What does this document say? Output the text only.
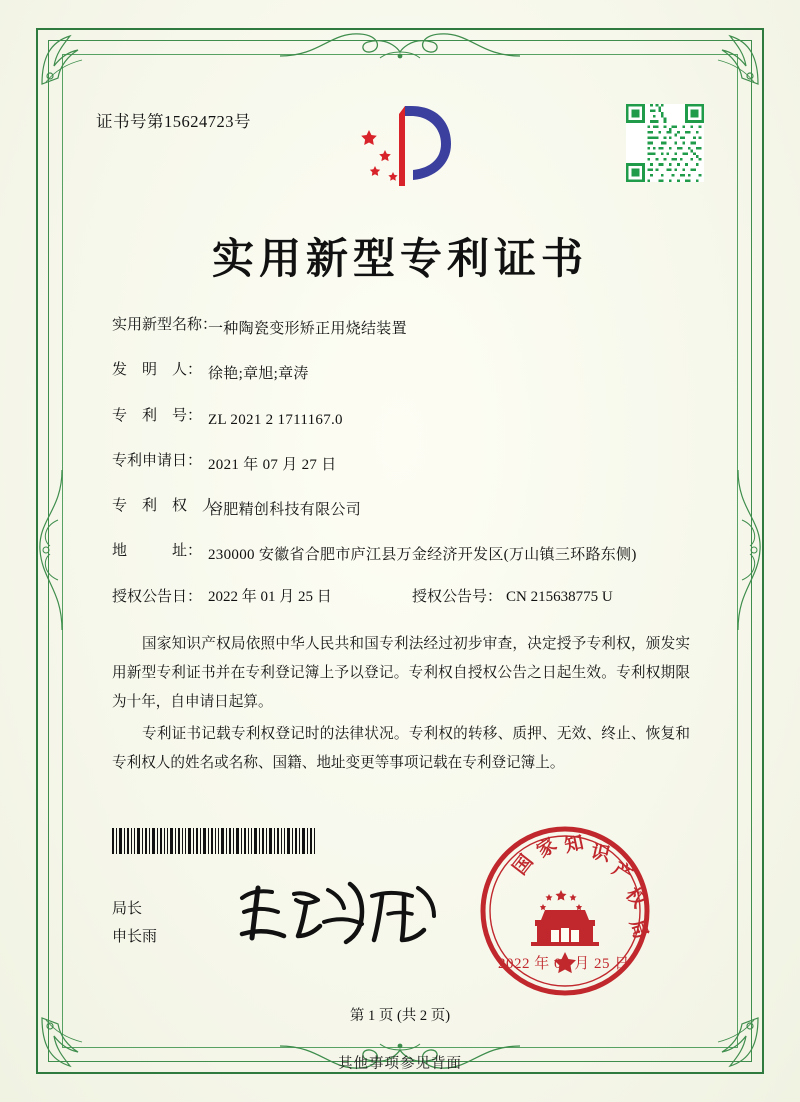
证书号第15624723号
实用新型专利证书
实用新型名称：
一种陶瓷变形矫正用烧结装置
发　明　人： 徐艳;章旭;章涛
专　利　号： ZL 2021 2 1711167.0
专利申请日： 2021 年 07 月 27 日
专　利　权　人：
合肥精创科技有限公司
地　　　址： 230000 安徽省合肥市庐江县万金经济开发区(万山镇三环路东侧)
授权公告日： 2022 年 01 月 25 日	授权公告号： CN 215638775 U

国家知识产权局依照中华人民共和国专利法经过初步审查，决定授予专利权，颁发实用新型专利证书并在专利登记簿上予以登记。专利权自授权公告之日起生效。专利权期限为十年，自申请日起算。

专利证书记载专利权登记时的法律状况。专利权的转移、质押、无效、终止、恢复和专利权人的姓名或名称、国籍、地址变更等事项记载在专利登记簿上。

局长
申长雨
国
家 知 识
产
权
局
2022 年 01 月 25 日
第 1 页 (共 2 页)
其他事项参见背面
